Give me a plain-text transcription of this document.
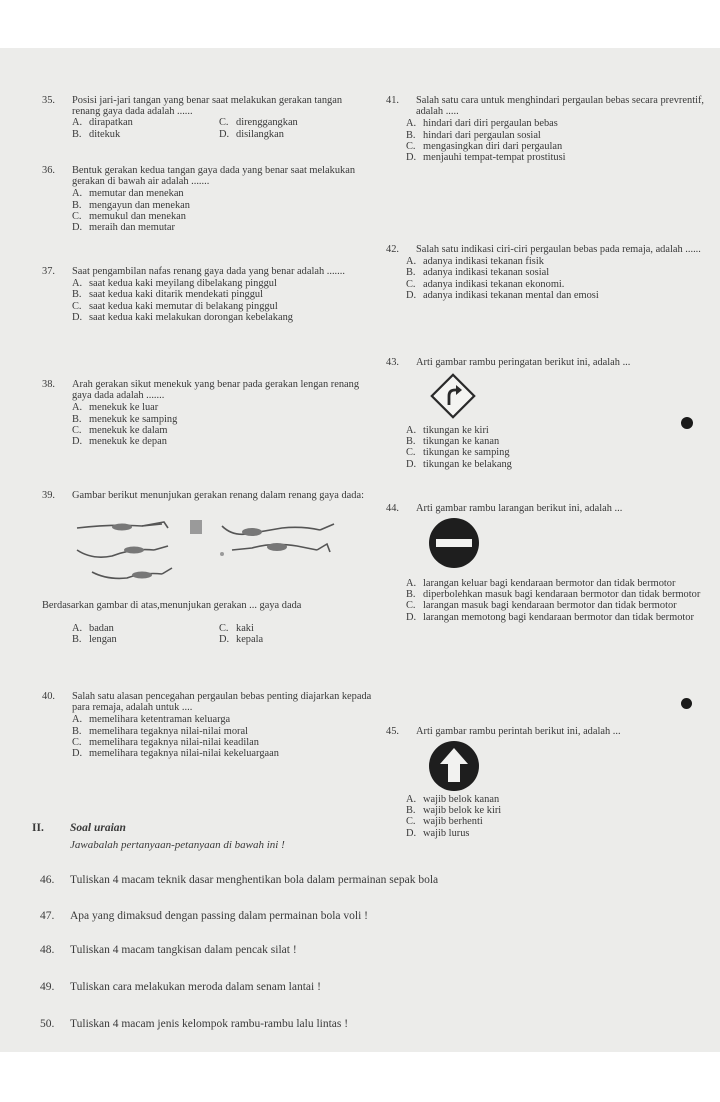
35.	Posisi jari-jari tangan yang benar saat melakukan gerakan tangan renang gaya dada adalah ......
A. dirapatkan	C. direnggangkan
B. ditekuk	D. disilangkan
36.	Bentuk gerakan kedua tangan gaya dada yang benar saat melakukan gerakan di bawah air adalah .......
A. memutar dan menekan
B. mengayun dan menekan
C. memukul dan menekan
D. meraih dan memutar
37.	Saat pengambilan nafas renang gaya dada yang benar adalah .......
A. saat kedua kaki meyilang dibelakang pinggul
B. saat kedua kaki ditarik mendekati pinggul
C. saat kedua kaki memutar di belakang pinggul
D. saat kedua kaki melakukan dorongan kebelakang
38.	Arah gerakan sikut menekuk yang benar pada gerakan lengan renang gaya dada adalah .......
A. menekuk ke luar
B. menekuk ke samping
C. menekuk ke dalam
D. menekuk ke depan
39.	Gambar berikut menunjukan gerakan renang dalam renang gaya dada:
Berdasarkan gambar di atas,menunjukan gerakan ... gaya dada
A. badan	C. kaki
B. lengan	D. kepala
40.	Salah satu alasan pencegahan pergaulan bebas penting diajarkan kepada para remaja, adalah untuk ....
A. memelihara ketentraman keluarga
B. memelihara tegaknya nilai-nilai moral
C. memelihara tegaknya nilai-nilai keadilan
D. memelihara tegaknya nilai-nilai kekeluargaan
41.	Salah satu cara untuk menghindari pergaulan bebas secara prevrentif, adalah .....
A. hindari dari diri pergaulan bebas
B. hindari dari pergaulan sosial
C. mengasingkan diri dari pergaulan
D. menjauhi tempat-tempat prostitusi
42.	Salah satu indikasi ciri-ciri pergaulan bebas pada remaja, adalah ......
A. adanya indikasi tekanan fisik
B. adanya indikasi tekanan sosial
C. adanya indikasi tekanan ekonomi.
D. adanya indikasi tekanan mental dan emosi
43.	Arti gambar rambu peringatan berikut ini, adalah ...
A. tikungan ke kiri
B. tikungan ke kanan
C. tikungan ke samping
D. tikungan ke belakang
44.	Arti gambar rambu larangan berikut ini, adalah ...
A. larangan keluar bagi kendaraan bermotor dan tidak bermotor
B. diperbolehkan masuk bagi kendaraan bermotor dan tidak bermotor
C. larangan masuk bagi kendaraan bermotor dan tidak bermotor
D. larangan memotong bagi kendaraan bermotor dan tidak bermotor
45.	Arti gambar rambu perintah berikut ini, adalah ...
A. wajib belok kanan
B. wajib belok ke kiri
C. wajib berhenti
D. wajib lurus
II. Soal uraian
Jawabalah pertanyaan-petanyaan di bawah ini !
46.	Tuliskan 4 macam teknik dasar menghentikan bola dalam permainan sepak bola
47.	Apa yang dimaksud dengan passing dalam permainan bola voli !
48.	Tuliskan 4 macam tangkisan dalam pencak silat !
49.	Tuliskan cara melakukan meroda dalam senam lantai !
50.	Tuliskan 4 macam jenis kelompok rambu-rambu lalu lintas !
